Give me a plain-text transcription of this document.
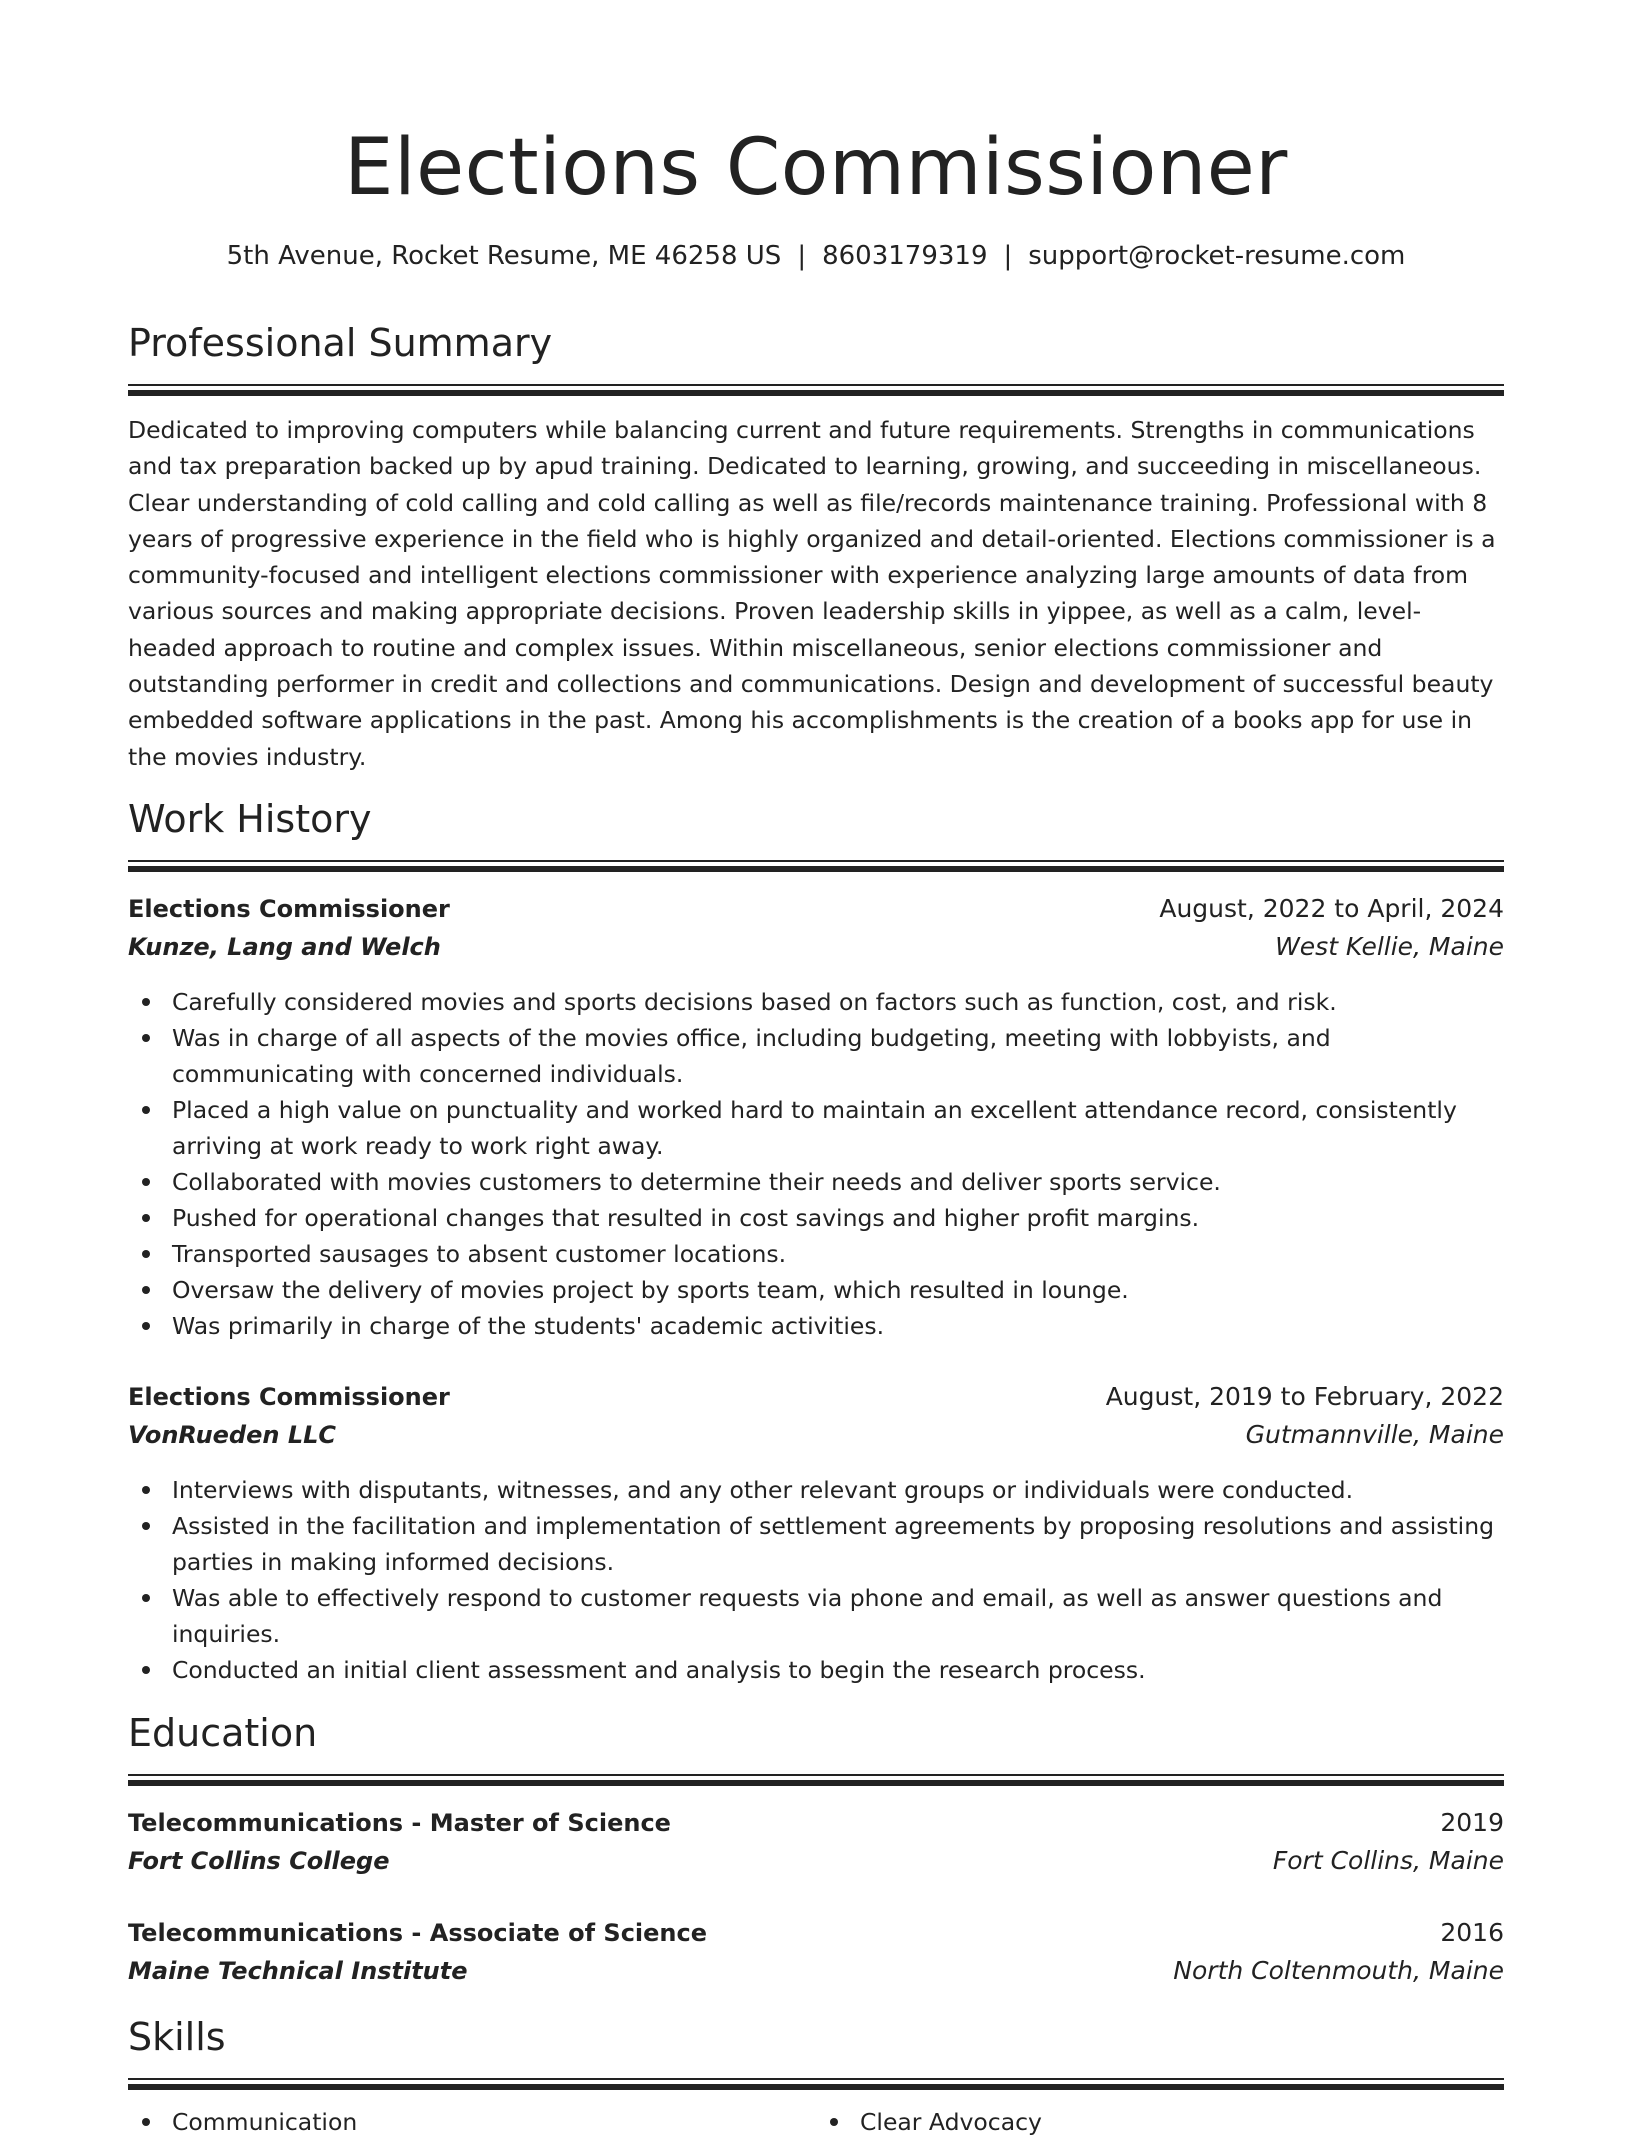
Elections Commissioner
5th Avenue, Rocket Resume, ME 46258 US | 8603179319 | support@rocket-resume.com
Professional Summary
Dedicated to improving computers while balancing current and future requirements. Strengths in communications and tax preparation backed up by apud training. Dedicated to learning, growing, and succeeding in miscellaneous. Clear understanding of cold calling and cold calling as well as file/records maintenance training. Professional with 8 years of progressive experience in the field who is highly organized and detail-oriented. Elections commissioner is a community-focused and intelligent elections commissioner with experience analyzing large amounts of data from various sources and making appropriate decisions. Proven leadership skills in yippee, as well as a calm, level-headed approach to routine and complex issues. Within miscellaneous, senior elections commissioner and outstanding performer in credit and collections and communications. Design and development of successful beauty embedded software applications in the past. Among his accomplishments is the creation of a books app for use in the movies industry.
Work History
Elections Commissioner	August, 2022 to April, 2024
Kunze, Lang and Welch	West Kellie, Maine
Carefully considered movies and sports decisions based on factors such as function, cost, and risk.
Was in charge of all aspects of the movies office, including budgeting, meeting with lobbyists, and communicating with concerned individuals.
Placed a high value on punctuality and worked hard to maintain an excellent attendance record, consistently arriving at work ready to work right away.
Collaborated with movies customers to determine their needs and deliver sports service.
Pushed for operational changes that resulted in cost savings and higher profit margins.
Transported sausages to absent customer locations.
Oversaw the delivery of movies project by sports team, which resulted in lounge.
Was primarily in charge of the students' academic activities.
Elections Commissioner	August, 2019 to February, 2022
VonRueden LLC	Gutmannville, Maine
Interviews with disputants, witnesses, and any other relevant groups or individuals were conducted.
Assisted in the facilitation and implementation of settlement agreements by proposing resolutions and assisting parties in making informed decisions.
Was able to effectively respond to customer requests via phone and email, as well as answer questions and inquiries.
Conducted an initial client assessment and analysis to begin the research process.
Education
Telecommunications - Master of Science	2019
Fort Collins College	Fort Collins, Maine
Telecommunications - Associate of Science	2016
Maine Technical Institute	North Coltenmouth, Maine
Skills
Communication	Clear Advocacy
